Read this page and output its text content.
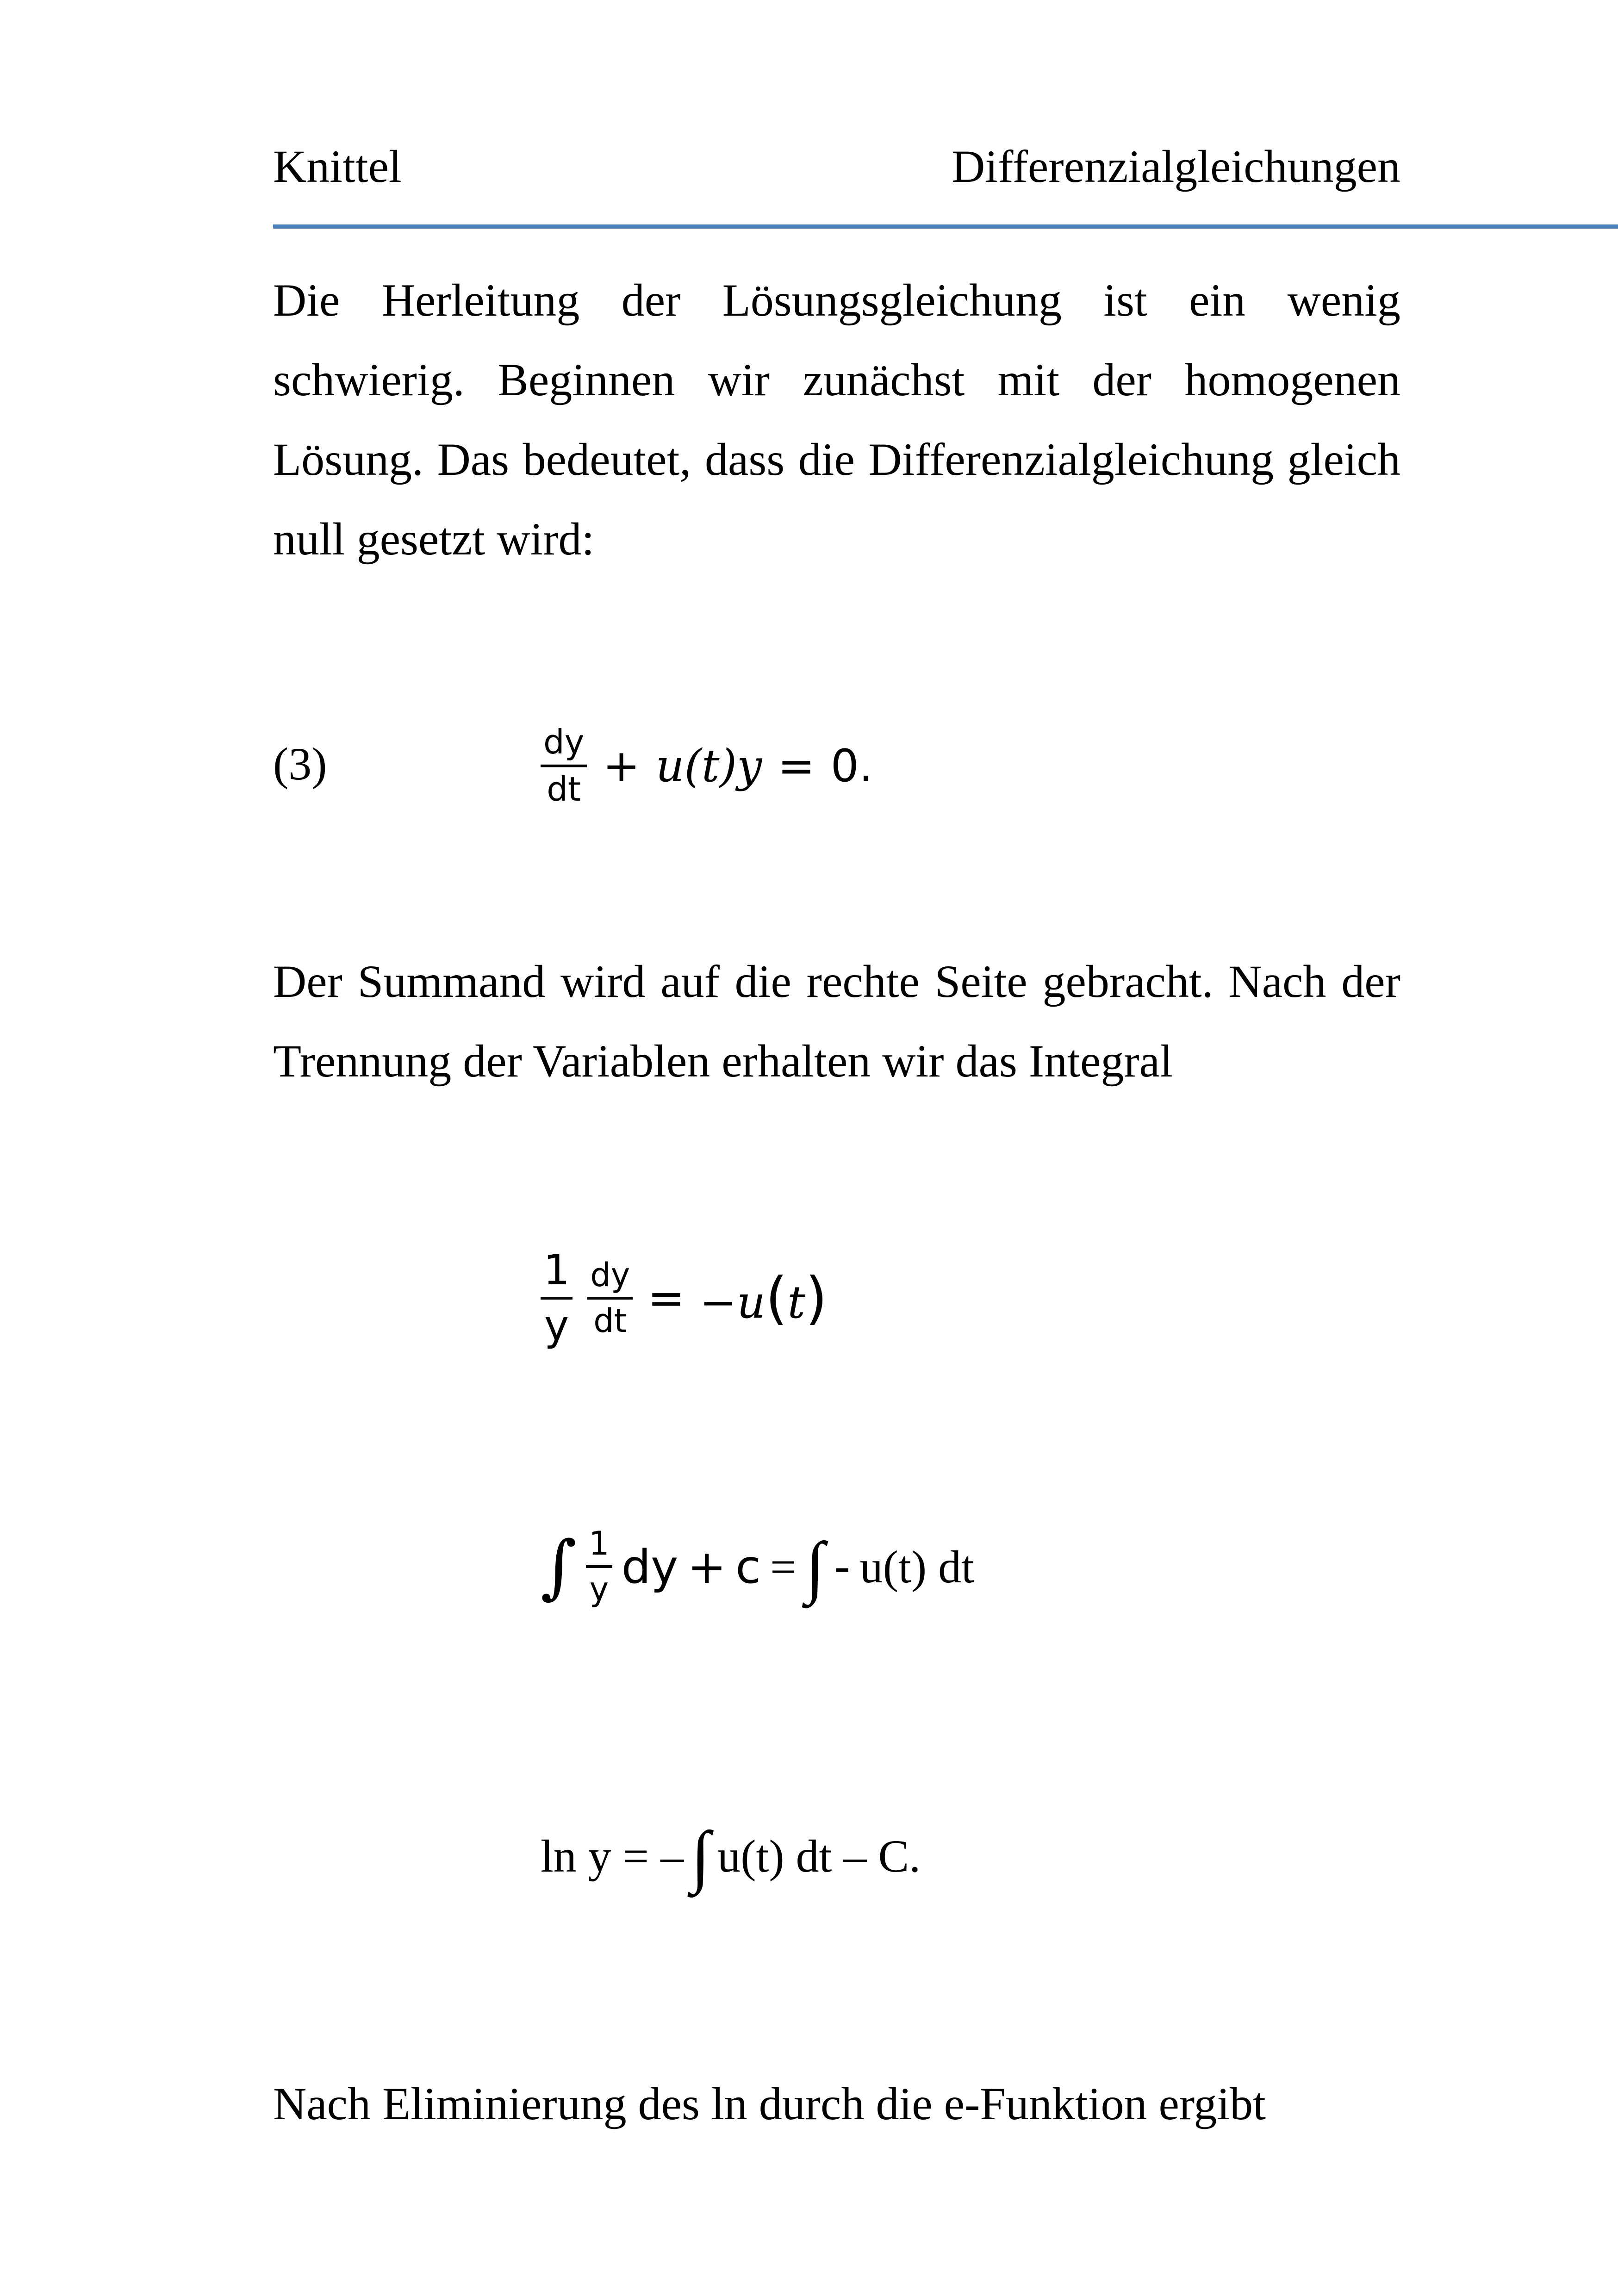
Knittel	Differenzialgleichungen
Die Herleitung der Lösungsgleichung ist ein wenig schwierig. Beginnen wir zunächst mit der homogenen Lösung. Das bedeutet, dass die Differenzialgleichung gleich null gesetzt wird:
(3)	dy
dt + u(t)y = 0.
Der Summand wird auf die rechte Seite gebracht. Nach der Trennung der Variablen erhalten wir das Integral
1
y
dy
dt = −u(t)
∫ 1
y dy + c = ∫ - u(t) dt
ln y = – ∫ u(t) dt – C.
Nach Eliminierung des ln durch die e-Funktion ergibt
